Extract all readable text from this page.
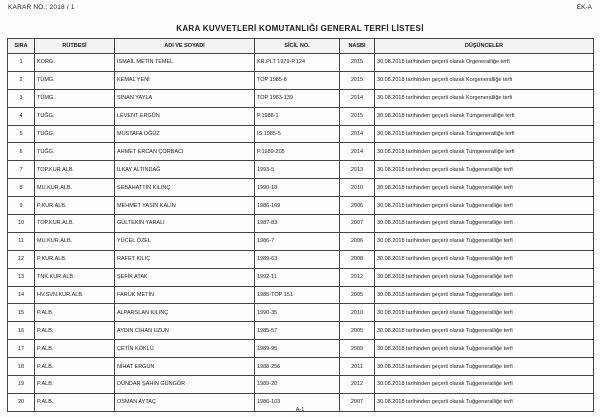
KARAR NO.: 2018 / 1	EK-A
KARA KUVVETLERİ KOMUTANLIĞI GENERAL TERFİ LİSTESİ
SIRA	RÜTBESİ	ADI VE SOYADI	SİCİL NO.	NASBI	DÜŞÜNCELER
1	KORG.	İSMAİL METİN TEMEL	KR.PLT 1979-P.124	2015	30.08.2018 tarihinden geçerli olarak Orgeneralliğe terfi
2	TÜMG.	KEMAL YENİ	TOP 1985-8	2015	30.08.2018 tarihinden geçerli olarak Korgeneralliğe terfi
3	TÜMG.	SİNAN YAYLA	TOP 1983-139	2014	30.08.2018 tarihinden geçerli olarak Korgeneralliğe terfi
4	TUĞG.	LEVENT ERGÜN	P.1988-1	2015	30.08.2018 tarihinden geçerli olarak Tümgeneralliğe terfi
5	TUĞG.	MUSTAFA OĞUZ	IS.1985-5	2014	30.08.2018 tarihinden geçerli olarak Tümgeneralliğe terfi
6	TUĞG.	AHMET ERCAN ÇORBACI	P.1989-205	2014	30.08.2018 tarihinden geçerli olarak Tümgeneralliğe terfi
7	TOP.KUR.ALB.	İLKAY ALTINDAĞ	1993-5	2013	30.08.2018 tarihinden geçerli olarak Tuğgeneralliğe terfi
8	MU.KUR.ALB.	SEBAHATTİN KILINÇ	1990-18	2010	30.08.2018 tarihinden geçerli olarak Tuğgeneralliğe terfi
9	P.KUR.ALB.	MEHMET YASİN KALIN	1986-169	2006	30.08.2018 tarihinden geçerli olarak Tuğgeneralliğe terfi
10	TOP.KUR.ALB.	GÜLTEKİN YARALI	1987-83	2007	30.08.2018 tarihinden geçerli olarak Tuğgeneralliğe terfi
11	MU.KUR.ALB.	YÜCEL ÖZEL	1986-7	2006	30.08.2018 tarihinden geçerli olarak Tuğgeneralliğe terfi
12	P.KUR.ALB.	RAFET KILIÇ	1989-63	2008	30.08.2018 tarihinden geçerli olarak Tuğgeneralliğe terfi
13	TNK.KUR.ALB.	ŞEFİK ATAK	1992-11	2012	30.08.2018 tarihinden geçerli olarak Tuğgeneralliğe terfi
14	HV.SVN.KUR.ALB.	FARUK METİN	1985-TOP 151	2005	30.08.2018 tarihinden geçerli olarak Tuğgeneralliğe terfi
15	P.ALB.	ALPARSLAN KILINÇ	1990-35	2010	30.08.2018 tarihinden geçerli olarak Tuğgeneralliğe terfi
16	P.ALB.	AYDIN CİHAN UZUN	1985-57	2005	30.08.2018 tarihinden geçerli olarak Tuğgeneralliğe terfi
17	P.ALB.	ÇETİN KÖKLÜ	1989-95	2009	30.08.2018 tarihinden geçerli olarak Tuğgeneralliğe terfi
18	P.ALB.	NİHAT ERGÜN	1988-256	2011	30.08.2018 tarihinden geçerli olarak Tuğgeneralliğe terfi
19	P.ALB.	DÜNDAR ŞAHİN GÜNGÖR	1989-20	2012	30.08.2018 tarihinden geçerli olarak Tuğgeneralliğe terfi
20	P.ALB.	OSMAN AYTAÇ	1986-103	2007	30.08.2018 tarihinden geçerli olarak Tuğgeneralliğe terfi
A-1
